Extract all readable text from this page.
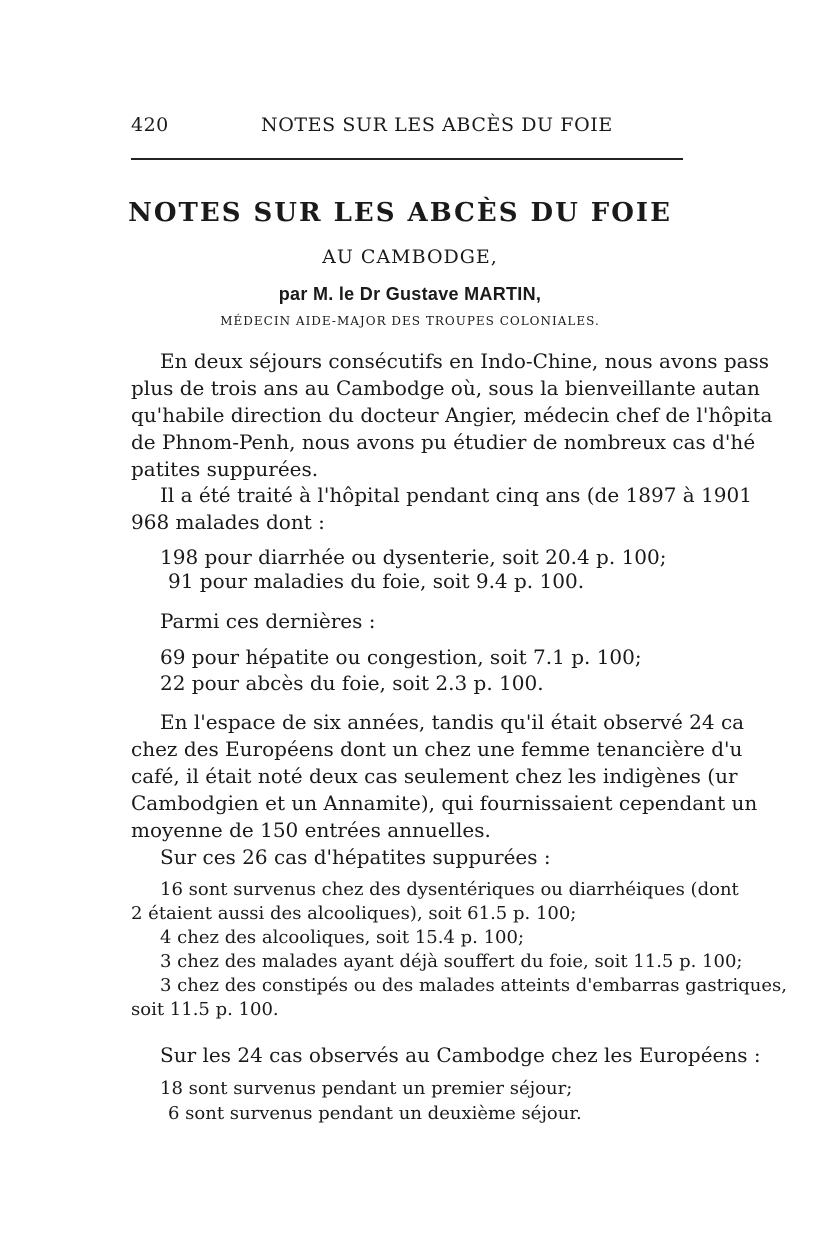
420	NOTES SUR LES ABCÈS DU FOIE
NOTES SUR LES ABCÈS DU FOIE
AU CAMBODGE,
par M. le Dr Gustave MARTIN,
MÉDECIN AIDE-MAJOR DES TROUPES COLONIALES.
En deux séjours consécutifs en Indo-Chine, nous avons pass
plus de trois ans au Cambodge où, sous la bienveillante autan
qu'habile direction du docteur Angier, médecin chef de l'hôpita
de Phnom-Penh, nous avons pu étudier de nombreux cas d'hé
patites suppurées.
Il a été traité à l'hôpital pendant cinq ans (de 1897 à 1901
968 malades dont :
198 pour diarrhée ou dysenterie, soit 20.4 p. 100;
91 pour maladies du foie, soit 9.4 p. 100.
Parmi ces dernières :
69 pour hépatite ou congestion, soit 7.1 p. 100;
22 pour abcès du foie, soit 2.3 p. 100.
En l'espace de six années, tandis qu'il était observé 24 ca
chez des Européens dont un chez une femme tenancière d'u
café, il était noté deux cas seulement chez les indigènes (ur
Cambodgien et un Annamite), qui fournissaient cependant un
moyenne de 150 entrées annuelles.
Sur ces 26 cas d'hépatites suppurées :
16 sont survenus chez des dysentériques ou diarrhéiques (dont
2 étaient aussi des alcooliques), soit 61.5 p. 100;
4 chez des alcooliques, soit 15.4 p. 100;
3 chez des malades ayant déjà souffert du foie, soit 11.5 p. 100;
3 chez des constipés ou des malades atteints d'embarras gastriques,
soit 11.5 p. 100.
Sur les 24 cas observés au Cambodge chez les Européens :
18 sont survenus pendant un premier séjour;
6 sont survenus pendant un deuxième séjour.
